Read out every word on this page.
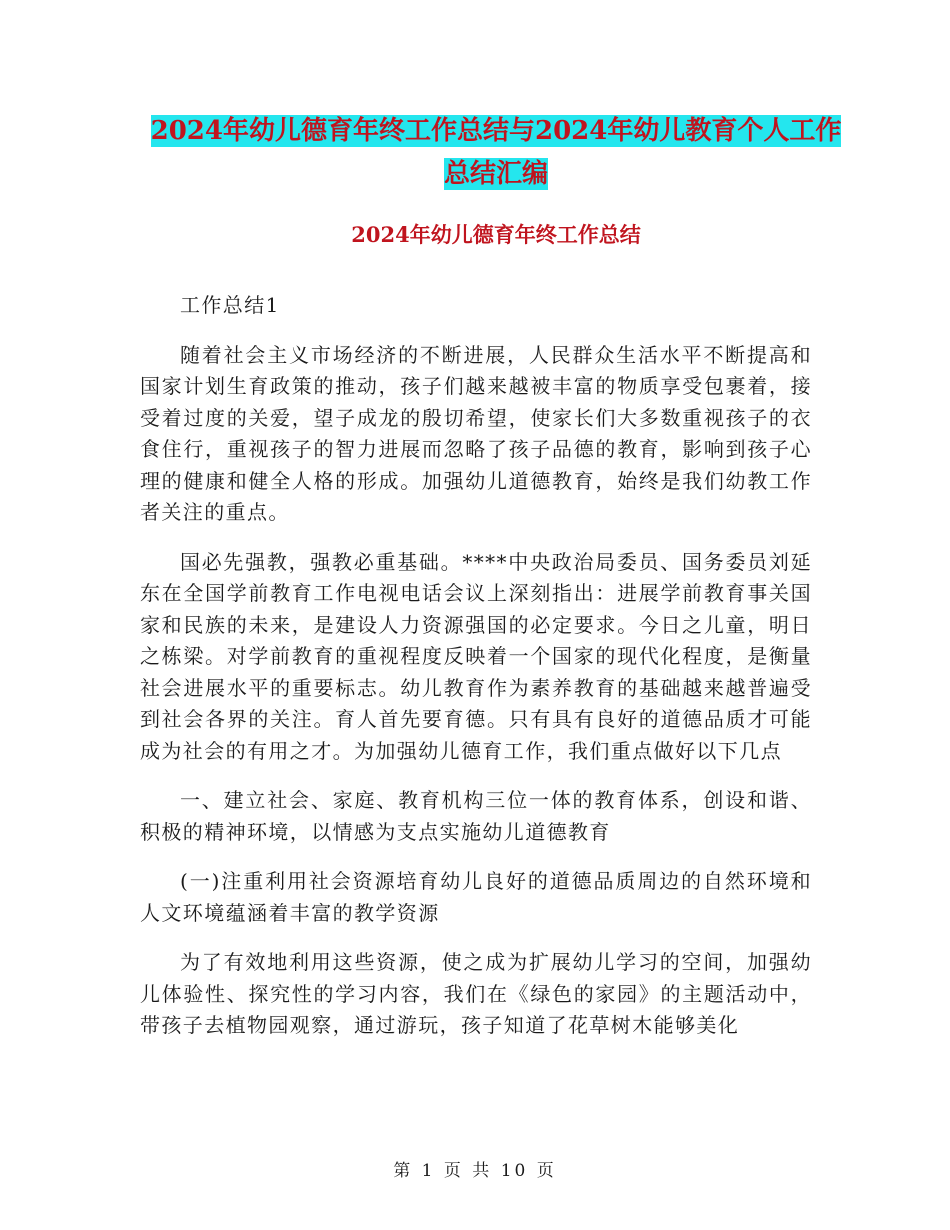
2024年幼儿德育年终工作总结与2024年幼儿教育个人工作总结汇编
2024年幼儿德育年终工作总结

工作总结1

随着社会主义市场经济的不断进展，人民群众生活水平不断提高和国家计划生育政策的推动，孩子们越来越被丰富的物质享受包裹着，接受着过度的关爱，望子成龙的殷切希望，使家长们大多数重视孩子的衣食住行，重视孩子的智力进展而忽略了孩子品德的教育，影响到孩子心理的健康和健全人格的形成。加强幼儿道德教育，始终是我们幼教工作者关注的重点。

国必先强教，强教必重基础。****中央政治局委员、国务委员刘延东在全国学前教育工作电视电话会议上深刻指出：进展学前教育事关国家和民族的未来，是建设人力资源强国的必定要求。今日之儿童，明日之栋梁。对学前教育的重视程度反映着一个国家的现代化程度，是衡量社会进展水平的重要标志。幼儿教育作为素养教育的基础越来越普遍受到社会各界的关注。育人首先要育德。只有具有良好的道德品质才可能成为社会的有用之才。为加强幼儿德育工作，我们重点做好以下几点

一、建立社会、家庭、教育机构三位一体的教育体系，创设和谐、积极的精神环境，以情感为支点实施幼儿道德教育

(一)注重利用社会资源培育幼儿良好的道德品质周边的自然环境和人文环境蕴涵着丰富的教学资源

为了有效地利用这些资源，使之成为扩展幼儿学习的空间，加强幼儿体验性、探究性的学习内容，我们在《绿色的家园》的主题活动中，带孩子去植物园观察，通过游玩，孩子知道了花草树木能够美化

第 1 页 共 10 页
